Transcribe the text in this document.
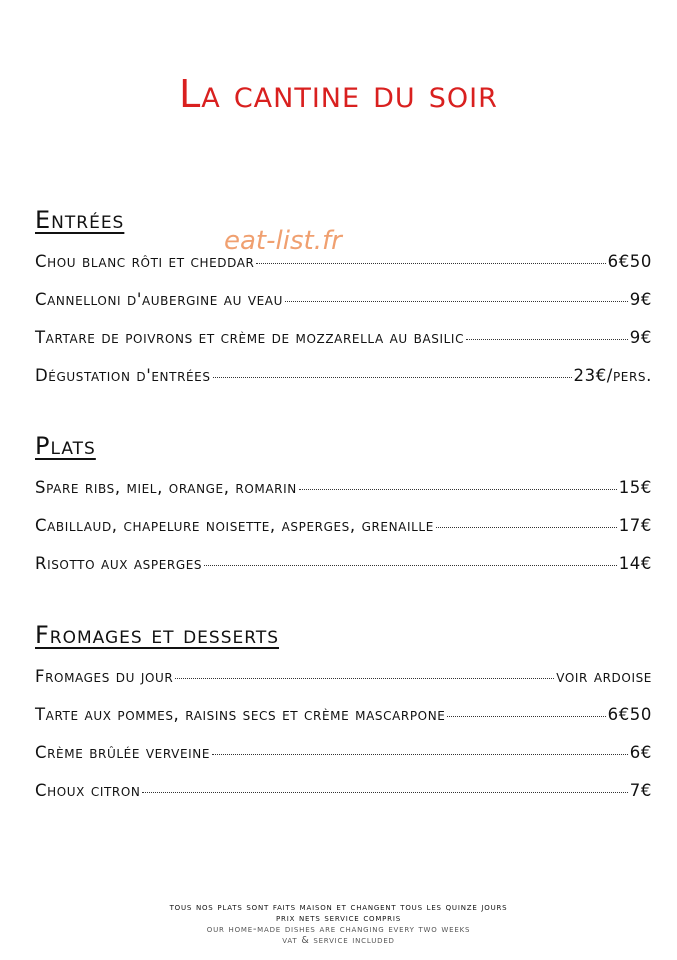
La cantine du soir
eat-list.fr
Entrées
Chou blanc rôti et cheddar	6€50
Cannelloni d'aubergine au veau	9€
Tartare de poivrons et crème de mozzarella au basilic	9€
Dégustation d'entrées	23€/pers.
Plats
Spare ribs, miel, orange, romarin	15€
Cabillaud, chapelure noisette, asperges, grenaille	17€
Risotto aux asperges	14€
Fromages et desserts
Fromages du jour	voir ardoise
Tarte aux pommes, raisins secs et crème mascarpone	6€50
Crème brûlée verveine	6€
Choux citron	7€
tous nos plats sont faits maison et changent tous les quinze jours
prix nets service compris
our home-made dishes are changing every two weeks
vat & service included
